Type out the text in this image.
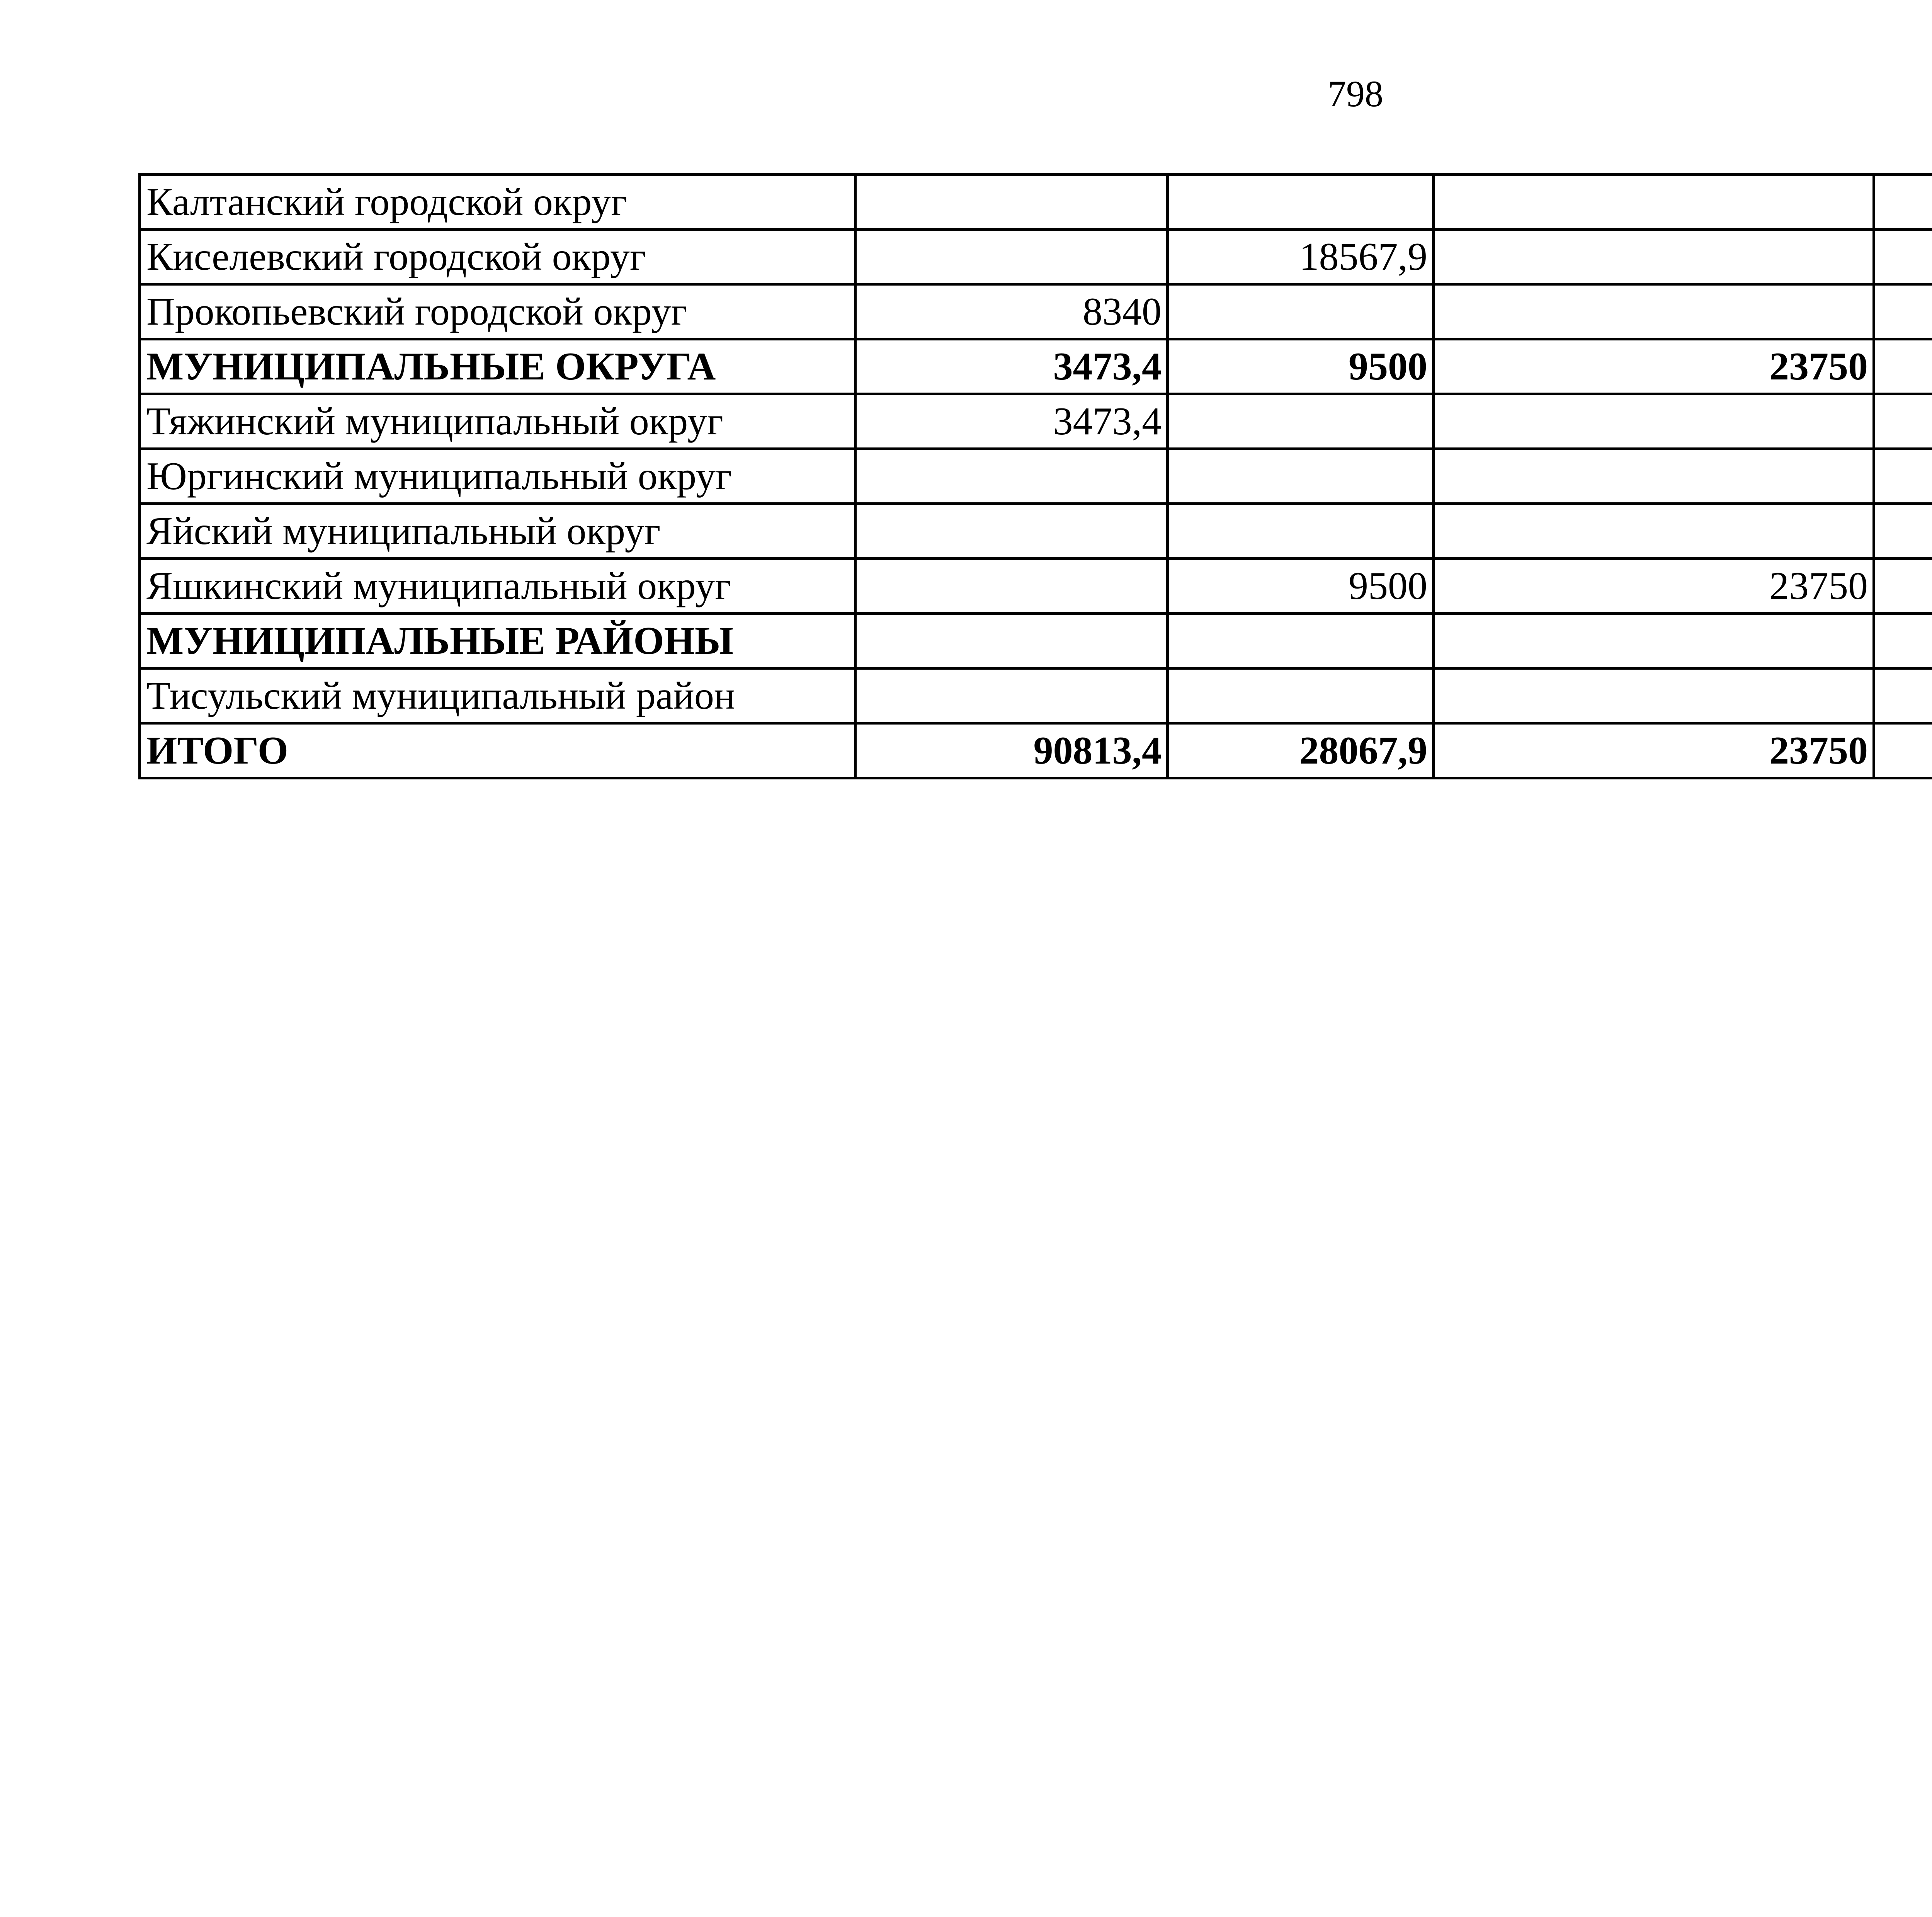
798
Калтанский городской округ						
Киселевский городской округ		18567,9				
Прокопьевский городской округ	8340					
МУНИЦИПАЛЬНЫЕ ОКРУГА	3473,4	9500	23750			
Тяжинский муниципальный округ	3473,4					
Юргинский муниципальный округ						
Яйский муниципальный округ						
Яшкинский муниципальный округ		9500	23750			
МУНИЦИПАЛЬНЫЕ РАЙОНЫ						
Тисульский муниципальный район						
ИТОГО	90813,4	28067,9	23750			
